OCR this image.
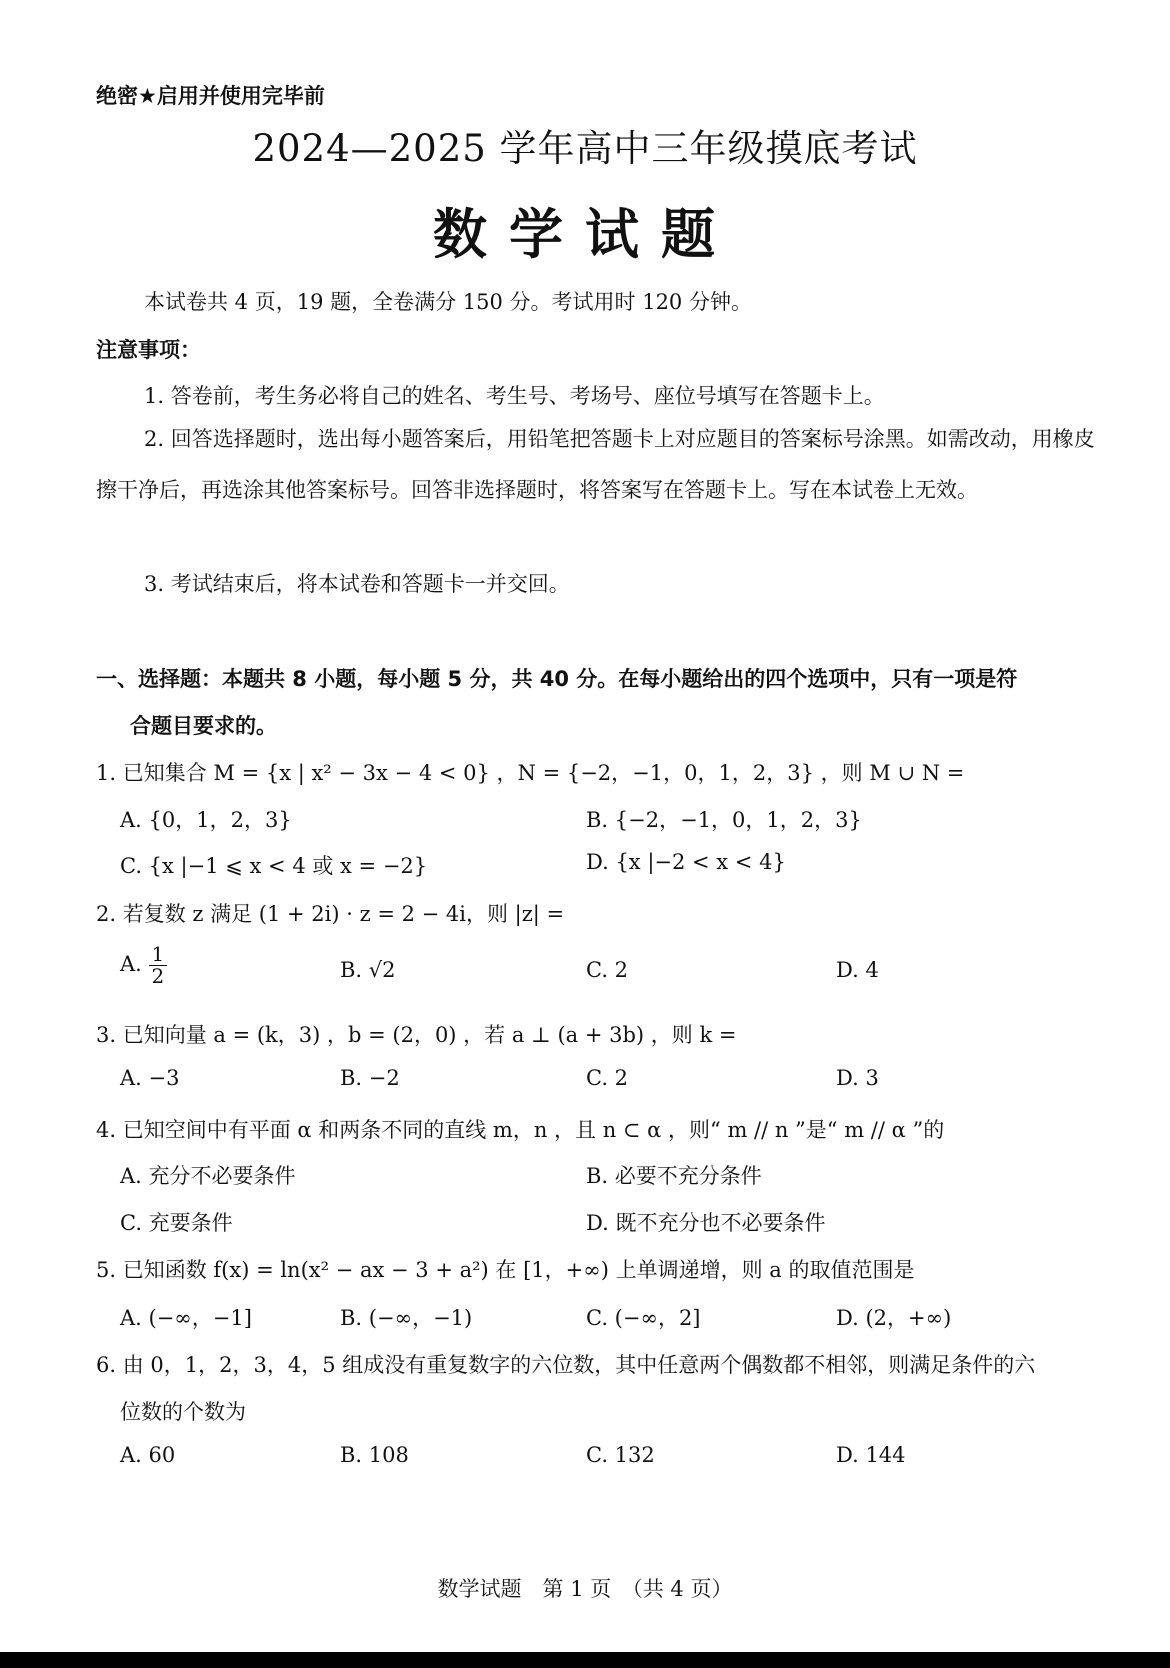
绝密★启用并使用完毕前
2024—2025 学年高中三年级摸底考试
数学试题
本试卷共 4 页，19 题，全卷满分 150 分。考试用时 120 分钟。
注意事项：
1. 答卷前，考生务必将自己的姓名、考生号、考场号、座位号填写在答题卡上。
2. 回答选择题时，选出每小题答案后，用铅笔把答题卡上对应题目的答案标号涂黑。如需改动，用橡皮擦干净后，再选涂其他答案标号。回答非选择题时，将答案写在答题卡上。写在本试卷上无效。
3. 考试结束后，将本试卷和答题卡一并交回。
一、选择题：本题共 8 小题，每小题 5 分，共 40 分。在每小题给出的四个选项中，只有一项是符
合题目要求的。
1. 已知集合 M = {x | x² − 3x − 4 < 0} ，N = {−2，−1，0，1，2，3} ，则 M ∪ N =
A. {0，1，2，3}	B. {−2，−1，0，1，2，3}
C. {x |−1 ⩽ x < 4 或 x = −2}	D. {x |−2 < x < 4}
2. 若复数 z 满足 (1 + 2i) · z = 2 − 4i，则 |z| =
A. $\frac{1}{2}$	B. √2	C. 2	D. 4
3. 已知向量 a = (k，3) ，b = (2，0) ，若 a ⊥ (a + 3b) ，则 k =
A. −3	B. −2	C. 2	D. 3
4. 已知空间中有平面 α 和两条不同的直线 m，n ，且 n ⊂ α ，则“ m // n ”是“ m // α ”的
A. 充分不必要条件	B. 必要不充分条件
C. 充要条件	D. 既不充分也不必要条件
5. 已知函数 f(x) = ln(x² − ax − 3 + a²) 在 [1，+∞) 上单调递增，则 a 的取值范围是
A. (−∞，−1]	B. (−∞，−1)	C. (−∞，2]	D. (2，+∞)
6. 由 0，1，2，3，4，5 组成没有重复数字的六位数，其中任意两个偶数都不相邻，则满足条件的六
位数的个数为
A. 60	B. 108	C. 132	D. 144
数学试题　第 1 页　（共 4 页）
